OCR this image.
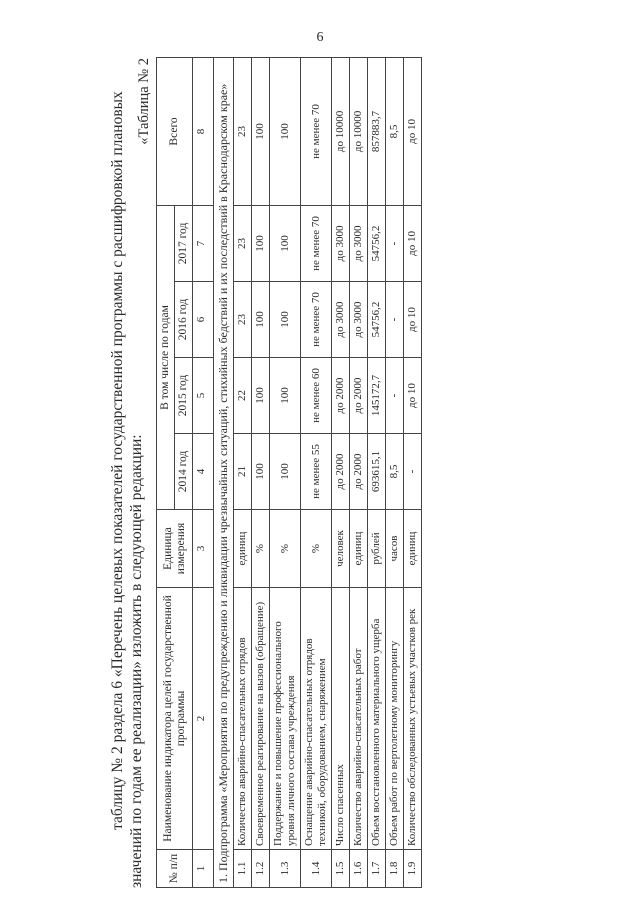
6

таблицу № 2 раздела 6 «Перечень целевых показателей государственной программы с расшифровкой плановых значений по годам ее реализации» изложить в следующей редакции:

«Таблица № 2
№ п/п	Наименование индикатора целей государственной программы	Единица измерения	В том числе по годам				Всего
			2014 год	2015 год	2016 год	2017 год	
1	2	3	4	5	6	7	8
1. Подпрограмма «Мероприятия по предупреждению и ликвидации чрезвычайных ситуаций, стихийных бедствий и их последствий в Краснодарском крае»							
1.1	Количество аварийно-спасательных отрядов	единиц	21	22	23	23	23
1.2	Своевременное реагирование на вызов (обращение)	%	100	100	100	100	100
1.3	Поддержание и повышение профессионального уровня личного состава учреждения	%	100	100	100	100	100
1.4	Оснащение аварийно-спасательных отрядов техникой, оборудованием, снаряжением	%	не менее 55	не менее 60	не менее 70	не менее 70	не менее 70
1.5	Число спасенных	человек	до 2000	до 2000	до 3000	до 3000	до 10000
1.6	Количество аварийно-спасательных работ	единиц	до 2000	до 2000	до 3000	до 3000	до 10000
1.7	Объем восстановленного материального ущерба	рублей	693615,1	145172,7	54756,2	54756,2	857883,7
1.8	Объем работ по вертолетному мониторингу	часов	8,5	-	-	-	8,5
1.9	Количество обследованных устьевых участков рек	единиц	-	до 10	до 10	до 10	до 10
